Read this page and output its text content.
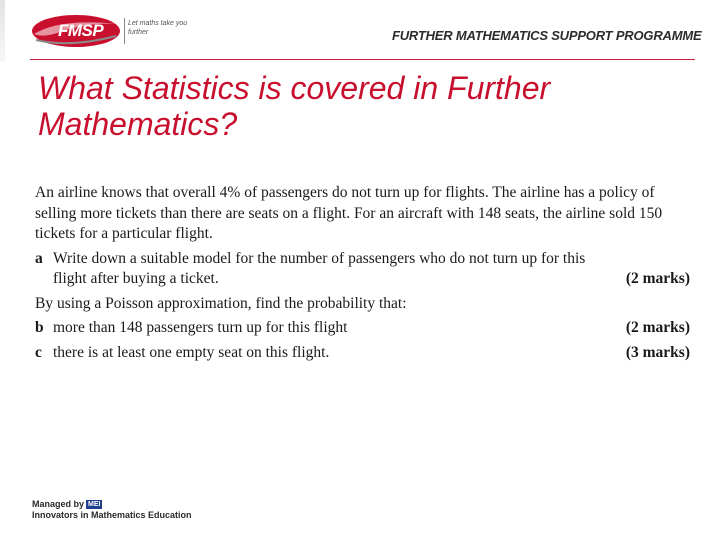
FMSP	Let maths take you further	FURTHER MATHEMATICS SUPPORT PROGRAMME
What Statistics is covered in Further Mathematics?

An airline knows that overall 4% of passengers do not turn up for flights. The airline has a policy of selling more tickets than there are seats on a flight. For an aircraft with 148 seats, the airline sold 150 tickets for a particular flight.

a Write down a suitable model for the number of passengers who do not turn up for this flight after buying a ticket.	(2 marks)

By using a Poisson approximation, find the probability that:

b more than 148 passengers turn up for this flight	(2 marks)
c there is at least one empty seat on this flight.	(3 marks)
Managed by MEI
Innovators in Mathematics Education
